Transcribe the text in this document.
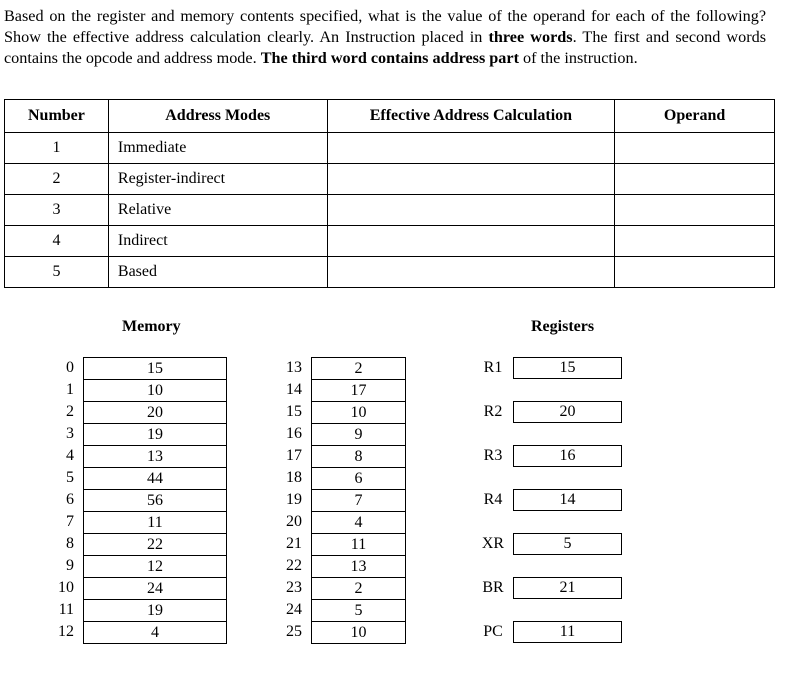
Based on the register and memory contents specified, what is the value of the operand for each of the following? Show the effective address calculation clearly. An Instruction placed in three words. The first and second words contains the opcode and address mode. The third word contains address part of the instruction.

Number	Address Modes	Effective Address Calculation	Operand
1	Immediate		
2	Register-indirect		
3	Relative		
4	Indirect		
5	Based		
Memory	Registers
0	15
1	10
2	20
3	19
4	13
5	44
6	56
7	11
8	22
9	12
10	24
11	19
12	4
13	2
14	17
15	10
16	9
17	8
18	6
19	7
20	4
21	11
22	13
23	2
24	5
25	10
R1	15
R2	20
R3	16
R4	14
XR	5
BR	21
PC	11
